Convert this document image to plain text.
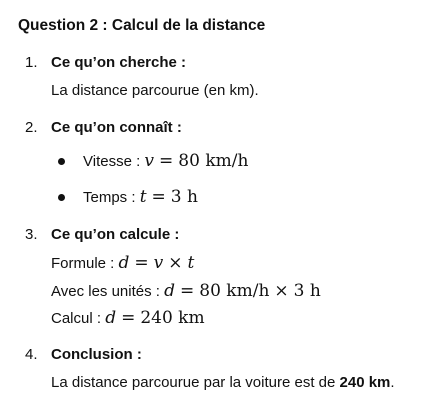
Question 2 : Calcul de la distance
1. Ce qu’on cherche :
La distance parcourue (en km).
2. Ce qu’on connaît :
Vitesse : v = 80 km/h
Temps : t = 3 h
3. Ce qu’on calcule :
Formule : d = v × t
Avec les unités : d = 80 km/h × 3 h
Calcul : d = 240 km
4. Conclusion :
La distance parcourue par la voiture est de 240 km.
